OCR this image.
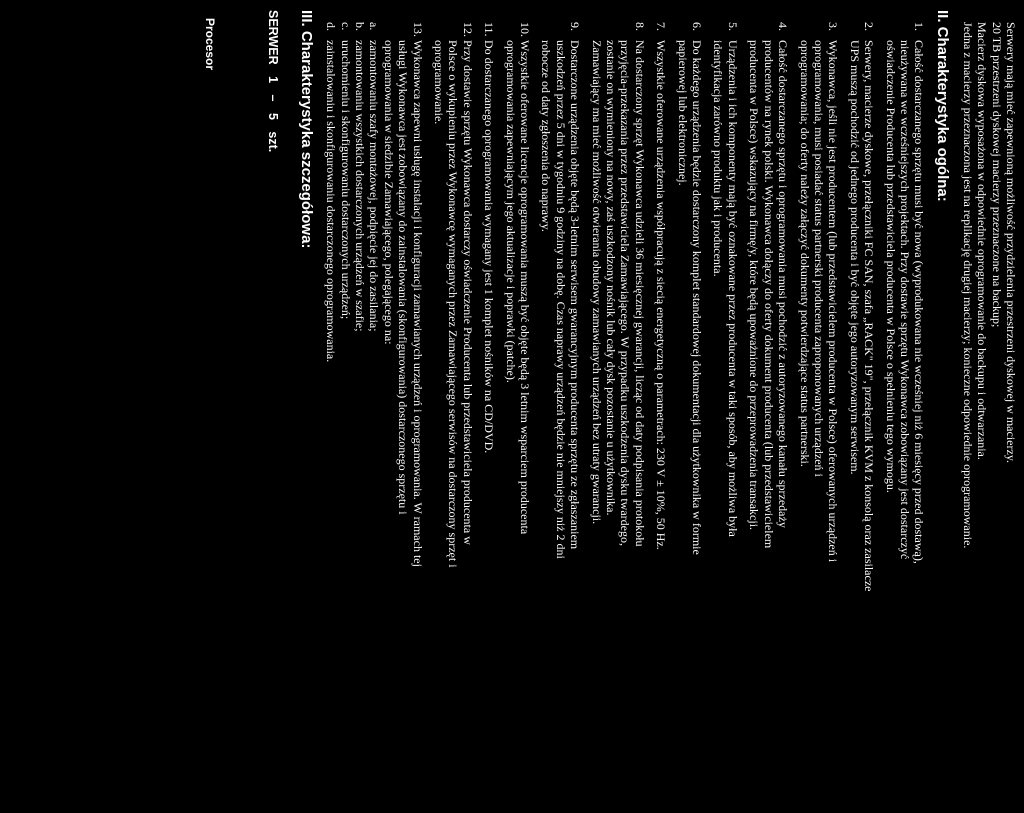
Serwery mają mieć zapewnioną możliwość przydzielenia przestrzeni dyskowej w macierzy.
20 TB przestrzeni dyskowej macierzy przeznaczone na backup;
Macierz dyskowa wyposażona w odpowiednie oprogramowanie do backupu i odtwarzania.
Jedna z macierzy przeznaczona jest na replikację drugiej macierzy; konieczne odpowiednie oprogramowanie.
II. Charakterystyka ogólna:
1.
Całość dostarczanego sprzętu musi być nowa (wyprodukowana nie wcześniej niż 6 miesięcy przed dostawą),
nieużywana we wcześniejszych projektach. Przy dostawie sprzętu Wykonawca zobowiązany jest dostarczyć
oświadczenie Producenta lub przedstawiciela producenta w Polsce o spełnieniu tego wymogu.
2.
Serwery, macierze dyskowe, przełączniki FC SAN, szafa „RACK" 19", przełącznik KVM z konsolą oraz zasilacze
UPS muszą pochodzić od jednego producenta i być objęte jego autoryzowanym serwisem.
3.
Wykonawca, jeśli nie jest producentem (lub przedstawicielem producenta w Polsce) oferowanych urządzeń i
oprogramowania, musi posiadać status partnerski producenta zaproponowanych urządzeń i
oprogramowania; do oferty należy załączyć dokumenty potwierdzające status partnerski.
4.
Całość dostarczanego sprzętu i oprogramowania musi pochodzić z autoryzowanego kanału sprzedaży
producentów na rynek polski. Wykonawca dołączy do oferty dokument producenta (lub przedstawicielem
producenta w Polsce) wskazujący na firmę/y, które będą upoważnione do przeprowadzenia transakcji.
5.
Urządzenia i ich komponenty mają być oznakowane przez producenta w taki sposób, aby możliwa była
identyfikacja zarówno produktu jak i producenta.
6.
Do każdego urządzenia będzie dostarczony komplet standardowej dokumentacji dla użytkownika w formie
papierowej lub elektronicznej.
7.
Wszystkie oferowane urządzenia współpracują z siecią energetyczną o parametrach: 230 V ± 10%, 50 Hz.
8.
Na dostarczony sprzęt Wykonawca udzieli 36 miesięcznej gwarancji, licząc od daty podpisania protokołu
przyjęcia-przekazania przez przedstawiciela Zamawiającego. W przypadku uszkodzenia dysku twardego,
zostanie on wymieniony na nowy, zaś uszkodzony nośnik lub cały dysk pozostanie u użytkownika.
Zamawiający ma mieć możliwość otwierania obudowy zamawianych urządzeń bez utraty gwarancji.
9.
Dostarczone urządzenia objęte będą 3-letnim serwisem gwarancyjnym producenta sprzętu ze zgłaszaniem
uszkodzeń przez 5 dni w tygodniu 9 godziny na dobę. Czas naprawy urządzeń będzie nie mniejszy niż 2 dni
robocze od daty zgłoszenia do naprawy.
10.
Wszystkie oferowane licencje oprogramowania muszą być objęte będą 3 letnim wsparciem producenta
oprogramowania zapewniającym jego aktualizacje i poprawki (patche).
11.
Do dostarczanego oprogramowania wymagany jest 1 komplet nośników na CD/DVD.
12.
Przy dostawie sprzętu Wykonawca dostarczy oświadczenie Producenta lub przedstawiciela producenta w
Polsce o wykupieniu przez Wykonawcę wymaganych przez Zamawiającego serwisów na dostarczony sprzęt i
oprogramowanie.
13.
Wykonawca zapewni usługę instalacji i konfiguracji zamawianych urządzeń i oprogramowania. W ramach tej
usługi Wykonawca jest zobowiązany do zainstalowania (skonfigurowania) dostarczonego sprzętu i
oprogramowania w siedzibie Zamawiającego, polegającego na:
a.
zamontowaniu szafy montażowej, podpięcie jej do zasilania;
b.
zamontowaniu wszystkich dostarczonych urządzeń w szafie;
c.
uruchomieniu i skonfigurowaniu dostarczonych urządzeń;
d.
zainstalowaniu i skonfigurowaniu dostarczonego oprogramowania.
III. Charakterystyka szczegółowa:
SERWER 1 – 5 szt.
Procesor
